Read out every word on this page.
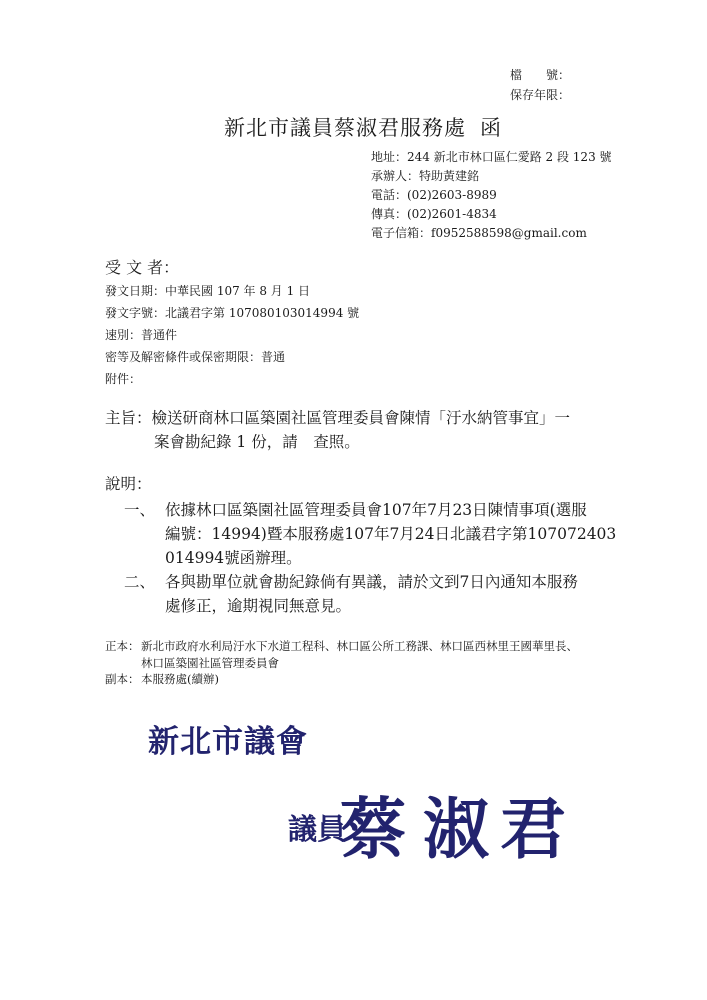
檔　　號：
保存年限：
新北市議員蔡淑君服務處 函
地址：244 新北市林口區仁愛路 2 段 123 號
承辦人：特助黃建銘
電話：(02)2603-8989
傳真：(02)2601-4834
電子信箱：f0952588598@gmail.com
受 文 者：
發文日期：中華民國 107 年 8 月 1 日
發文字號：北議君字第 107080103014994 號
速別：普通件
密等及解密條件或保密期限：普通
附件：
主旨：檢送研商林口區築園社區管理委員會陳情「汙水納管事宜」一
案會勘紀錄 1 份，請　查照。
說明：
一、 依據林口區築園社區管理委員會107年7月23日陳情事項(選服
編號：14994)暨本服務處107年7月24日北議君字第107072403
014994號函辦理。
二、 各與勘單位就會勘紀錄倘有異議，請於文到7日內通知本服務
處修正，逾期視同無意見。
正本： 新北市政府水利局汙水下水道工程科、林口區公所工務課、林口區西林里王國華里長、
林口區築園社區管理委員會
副本： 本服務處(續辦)
新北市議會
議員
蔡 淑 君
